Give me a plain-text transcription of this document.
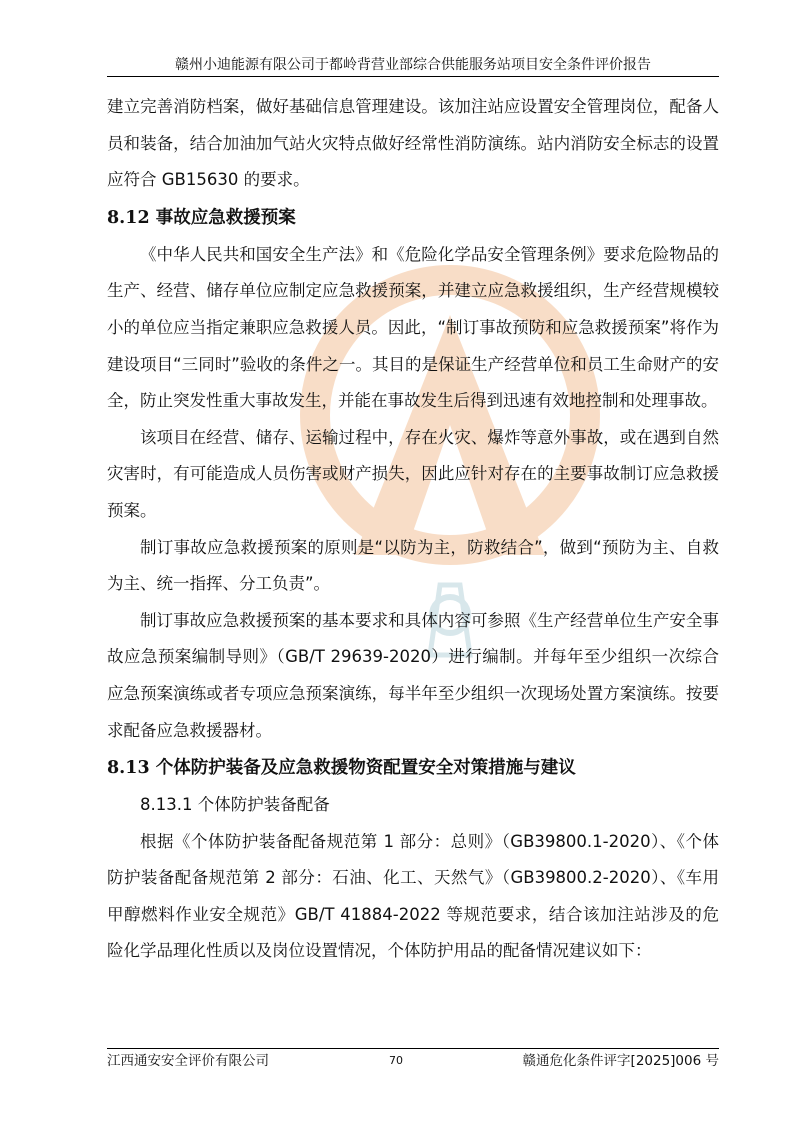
赣州小迪能源有限公司于都岭背营业部综合供能服务站项目安全条件评价报告

建立完善消防档案，做好基础信息管理建设。该加注站应设置安全管理岗位，配备人员和装备，结合加油加气站火灾特点做好经常性消防演练。站内消防安全标志的设置应符合 GB15630 的要求。

8.12 事故应急救援预案

《中华人民共和国安全生产法》和《危险化学品安全管理条例》要求危险物品的生产、经营、储存单位应制定应急救援预案，并建立应急救援组织，生产经营规模较小的单位应当指定兼职应急救援人员。因此，“制订事故预防和应急救援预案”将作为建设项目“三同时”验收的条件之一。其目的是保证生产经营单位和员工生命财产的安全，防止突发性重大事故发生，并能在事故发生后得到迅速有效地控制和处理事故。

该项目在经营、储存、运输过程中，存在火灾、爆炸等意外事故，或在遇到自然灾害时，有可能造成人员伤害或财产损失，因此应针对存在的主要事故制订应急救援预案。

制订事故应急救援预案的原则是“以防为主，防救结合”，做到“预防为主、自救为主、统一指挥、分工负责”。

制订事故应急救援预案的基本要求和具体内容可参照《生产经营单位生产安全事故应急预案编制导则》（GB/T 29639-2020）进行编制。并每年至少组织一次综合应急预案演练或者专项应急预案演练，每半年至少组织一次现场处置方案演练。按要求配备应急救援器材。

8.13 个体防护装备及应急救援物资配置安全对策措施与建议

8.13.1 个体防护装备配备

根据《个体防护装备配备规范第 1 部分：总则》（GB39800.1-2020）、《个体防护装备配备规范第 2 部分：石油、化工、天然气》（GB39800.2-2020）、《车用甲醇燃料作业安全规范》GB/T 41884-2022 等规范要求，结合该加注站涉及的危险化学品理化性质以及岗位设置情况，个体防护用品的配备情况建议如下：

江西通安安全评价有限公司	70	赣通危化条件评字[2025]006 号
